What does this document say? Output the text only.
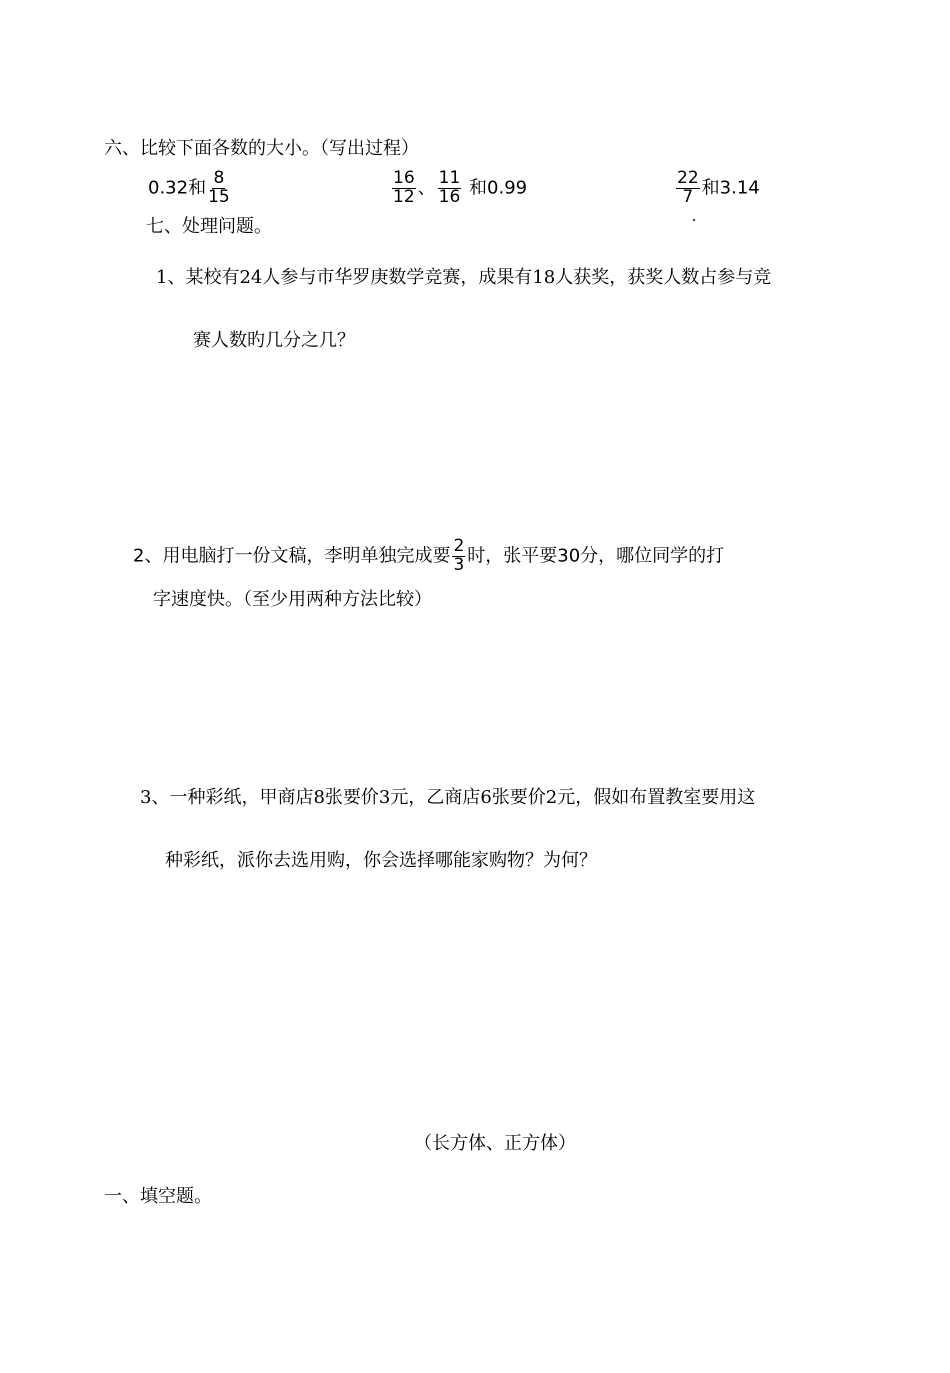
六、比较下面各数的大小。（写出过程）
0.32和 $\frac{8}{15}$	$\frac{16}{12}$ 、 $\frac{11}{16}$ 和0.99	$\frac{22}{7}$ 和3.14
七、处理问题。
1、某校有24人参与市华罗庚数学竞赛，成果有18人获奖，获奖人数占参与竞
赛人数旳几分之几？
2、用电脑打一份文稿，李明单独完成要 $\frac{2}{3}$ 时，张平要30分，哪位同学的打
字速度快。（至少用两种方法比较）
3、一种彩纸，甲商店8张要价3元，乙商店6张要价2元，假如布置教室要用这
种彩纸，派你去选用购，你会选择哪能家购物？为何？
（长方体、正方体）
一、填空题。
